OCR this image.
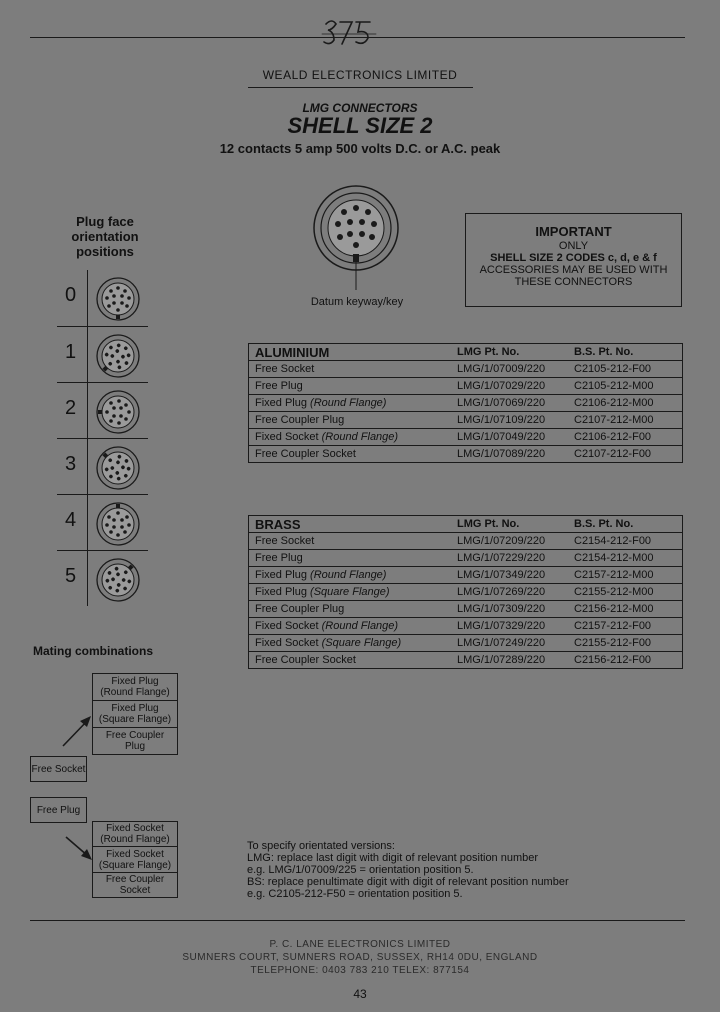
WEALD ELECTRONICS LIMITED
LMG CONNECTORS
SHELL SIZE 2
12 contacts 5 amp 500 volts D.C. or A.C. peak
Plug face
orientation
positions
0
1
2
3
4
5
Datum keyway/key
IMPORTANT
ONLY
SHELL SIZE 2 CODES c, d, e & f
ACCESSORIES MAY BE USED WITH
THESE CONNECTORS
ALUMINIUM	LMG Pt. No.	B.S. Pt. No.
Free Socket	LMG/1/07009/220	C2105-212-F00
Free Plug	LMG/1/07029/220	C2105-212-M00
Fixed Plug (Round Flange)	LMG/1/07069/220	C2106-212-M00
Free Coupler Plug	LMG/1/07109/220	C2107-212-M00
Fixed Socket (Round Flange)	LMG/1/07049/220	C2106-212-F00
Free Coupler Socket	LMG/1/07089/220	C2107-212-F00
BRASS	LMG Pt. No.	B.S. Pt. No.
Free Socket	LMG/1/07209/220	C2154-212-F00
Free Plug	LMG/1/07229/220	C2154-212-M00
Fixed Plug (Round Flange)	LMG/1/07349/220	C2157-212-M00
Fixed Plug (Square Flange)	LMG/1/07269/220	C2155-212-M00
Free Coupler Plug	LMG/1/07309/220	C2156-212-M00
Fixed Socket (Round Flange)	LMG/1/07329/220	C2157-212-F00
Fixed Socket (Square Flange)	LMG/1/07249/220	C2155-212-F00
Free Coupler Socket	LMG/1/07289/220	C2156-212-F00
Mating combinations
Fixed Plug
(Round Flange)
Fixed Plug
(Square Flange)
Free Coupler
Plug
Free Socket
Free Plug
Fixed Socket
(Round Flange)
Fixed Socket
(Square Flange)
Free Coupler
Socket
To specify orientated versions:
LMG: replace last digit with digit of relevant position number
e.g. LMG/1/07009/225 = orientation position 5.
BS: replace penultimate digit with digit of relevant position number
e.g. C2105-212-F50 = orientation position 5.
P. C. LANE ELECTRONICS LIMITED
SUMNERS COURT, SUMNERS ROAD, SUSSEX, RH14 0DU, ENGLAND
TELEPHONE: 0403 783 210 TELEX: 877154
43
